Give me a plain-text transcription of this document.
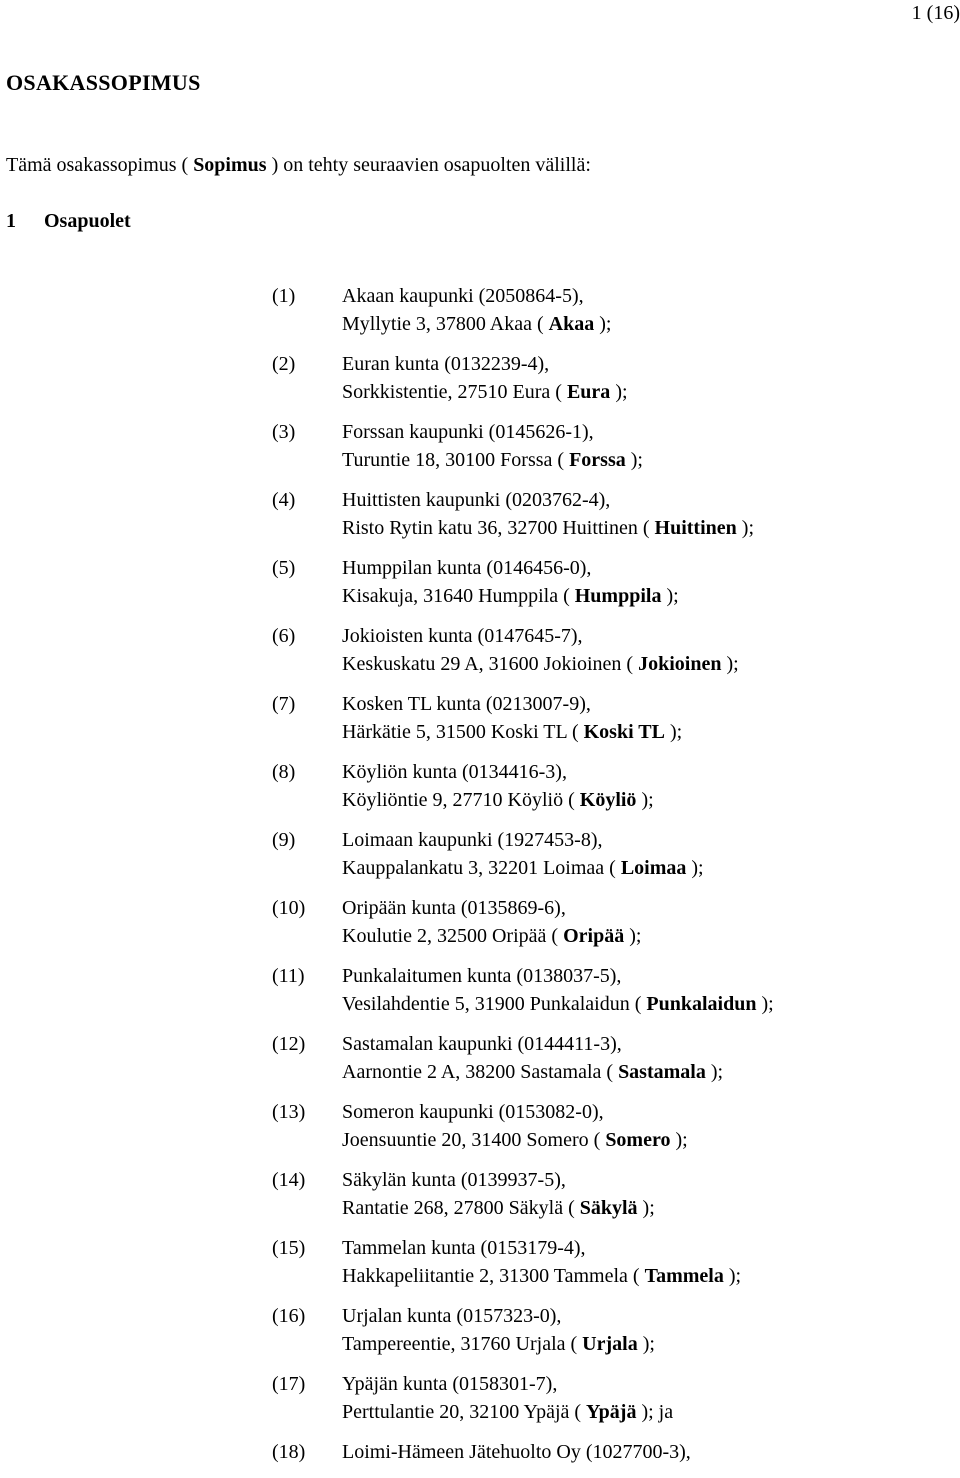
1 (16)
OSAKASSOPIMUS
Tämä osakassopimus ( Sopimus ) on tehty seuraavien osapuolten välillä:
1 Osapuolet
(1)	Akaan kaupunki (2050864-5),
Myllytie 3, 37800 Akaa ( Akaa );
(2)	Euran kunta (0132239-4),
Sorkkistentie, 27510 Eura ( Eura );
(3)	Forssan kaupunki (0145626-1),
Turuntie 18, 30100 Forssa ( Forssa );
(4)	Huittisten kaupunki (0203762-4),
Risto Rytin katu 36, 32700 Huittinen ( Huittinen );
(5)	Humppilan kunta (0146456-0),
Kisakuja, 31640 Humppila ( Humppila );
(6)	Jokioisten kunta (0147645-7),
Keskuskatu 29 A, 31600 Jokioinen ( Jokioinen );
(7)	Kosken TL kunta (0213007-9),
Härkätie 5, 31500 Koski TL ( Koski TL );
(8)	Köyliön kunta (0134416-3),
Köyliöntie 9, 27710 Köyliö ( Köyliö );
(9)	Loimaan kaupunki (1927453-8),
Kauppalankatu 3, 32201 Loimaa ( Loimaa );
(10)	Oripään kunta (0135869-6),
Koulutie 2, 32500 Oripää ( Oripää );
(11)	Punkalaitumen kunta (0138037-5),
Vesilahdentie 5, 31900 Punkalaidun ( Punkalaidun );
(12)	Sastamalan kaupunki (0144411-3),
Aarnontie 2 A, 38200 Sastamala ( Sastamala );
(13)	Someron kaupunki (0153082-0),
Joensuuntie 20, 31400 Somero ( Somero );
(14)	Säkylän kunta (0139937-5),
Rantatie 268, 27800 Säkylä ( Säkylä );
(15)	Tammelan kunta (0153179-4),
Hakkapeliitantie 2, 31300 Tammela ( Tammela );
(16)	Urjalan kunta (0157323-0),
Tampereentie, 31760 Urjala ( Urjala );
(17)	Ypäjän kunta (0158301-7),
Perttulantie 20, 32100 Ypäjä ( Ypäjä ); ja
(18)	Loimi-Hämeen Jätehuolto Oy (1027700-3),
